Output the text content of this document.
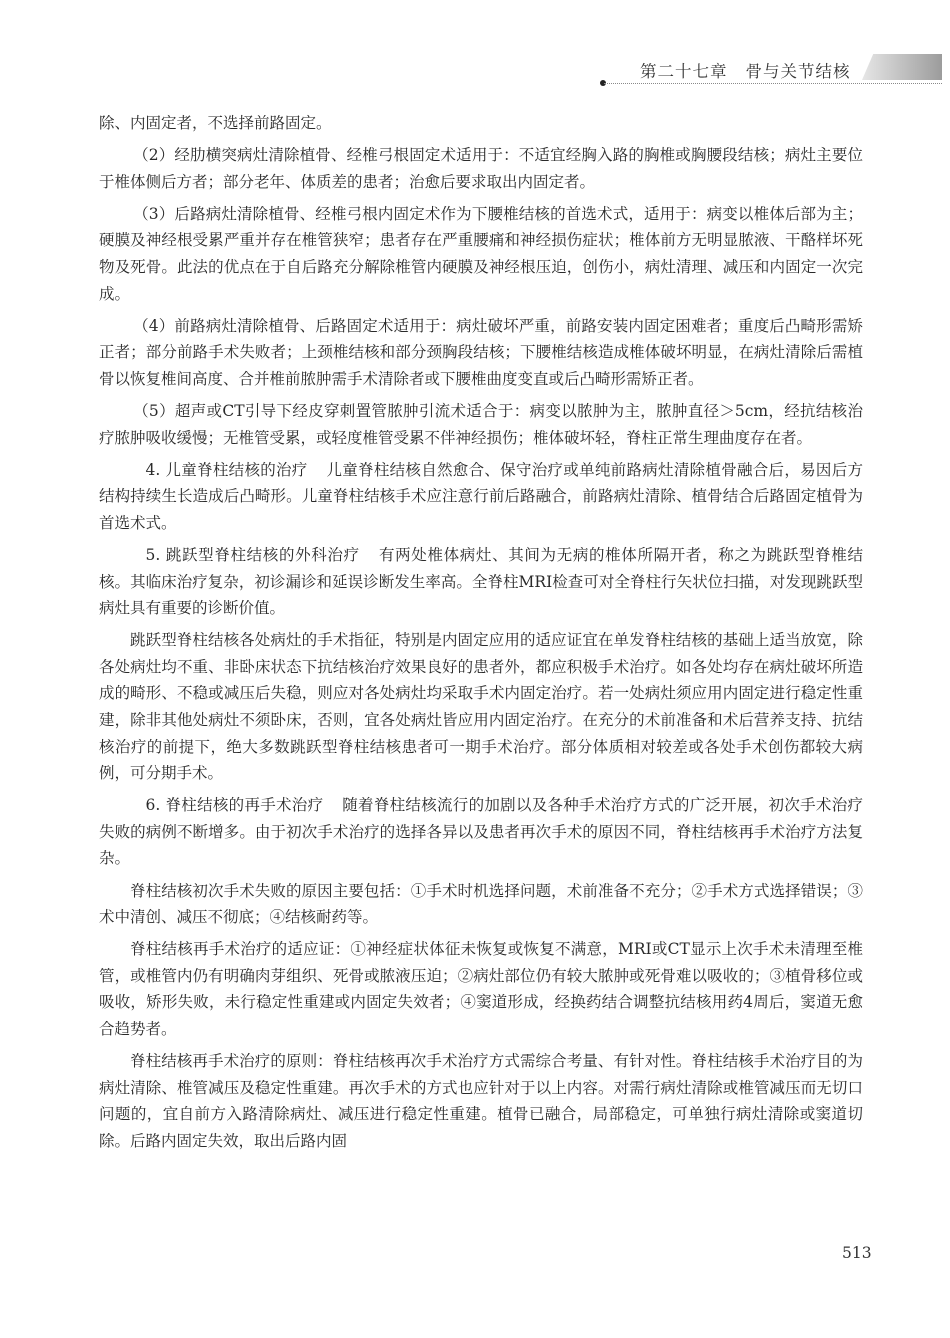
第二十七章 骨与关节结核

除、内固定者，不选择前路固定。

（2）经肋横突病灶清除植骨、经椎弓根固定术适用于：不适宜经胸入路的胸椎或胸腰段结核；病灶主要位于椎体侧后方者；部分老年、体质差的患者；治愈后要求取出内固定者。

（3）后路病灶清除植骨、经椎弓根内固定术作为下腰椎结核的首选术式，适用于：病变以椎体后部为主；硬膜及神经根受累严重并存在椎管狭窄；患者存在严重腰痛和神经损伤症状；椎体前方无明显脓液、干酪样坏死物及死骨。此法的优点在于自后路充分解除椎管内硬膜及神经根压迫，创伤小，病灶清理、减压和内固定一次完成。

（4）前路病灶清除植骨、后路固定术适用于：病灶破坏严重，前路安装内固定困难者；重度后凸畸形需矫正者；部分前路手术失败者；上颈椎结核和部分颈胸段结核；下腰椎结核造成椎体破坏明显，在病灶清除后需植骨以恢复椎间高度、合并椎前脓肿需手术清除者或下腰椎曲度变直或后凸畸形需矫正者。

（5）超声或CT引导下经皮穿刺置管脓肿引流术适合于：病变以脓肿为主，脓肿直径＞5cm，经抗结核治疗脓肿吸收缓慢；无椎管受累，或轻度椎管受累不伴神经损伤；椎体破坏轻，脊柱正常生理曲度存在者。

4. 儿童脊柱结核的治疗 儿童脊柱结核自然愈合、保守治疗或单纯前路病灶清除植骨融合后，易因后方结构持续生长造成后凸畸形。儿童脊柱结核手术应注意行前后路融合，前路病灶清除、植骨结合后路固定植骨为首选术式。

5. 跳跃型脊柱结核的外科治疗 有两处椎体病灶、其间为无病的椎体所隔开者，称之为跳跃型脊椎结核。其临床治疗复杂，初诊漏诊和延误诊断发生率高。全脊柱MRI检查可对全脊柱行矢状位扫描，对发现跳跃型病灶具有重要的诊断价值。

跳跃型脊柱结核各处病灶的手术指征，特别是内固定应用的适应证宜在单发脊柱结核的基础上适当放宽，除各处病灶均不重、非卧床状态下抗结核治疗效果良好的患者外，都应积极手术治疗。如各处均存在病灶破坏所造成的畸形、不稳或减压后失稳，则应对各处病灶均采取手术内固定治疗。若一处病灶须应用内固定进行稳定性重建，除非其他处病灶不须卧床，否则，宜各处病灶皆应用内固定治疗。在充分的术前准备和术后营养支持、抗结核治疗的前提下，绝大多数跳跃型脊柱结核患者可一期手术治疗。部分体质相对较差或各处手术创伤都较大病例，可分期手术。

6. 脊柱结核的再手术治疗 随着脊柱结核流行的加剧以及各种手术治疗方式的广泛开展，初次手术治疗失败的病例不断增多。由于初次手术治疗的选择各异以及患者再次手术的原因不同，脊柱结核再手术治疗方法复杂。

脊柱结核初次手术失败的原因主要包括：①手术时机选择问题，术前准备不充分；②手术方式选择错误；③术中清创、减压不彻底；④结核耐药等。

脊柱结核再手术治疗的适应证：①神经症状体征未恢复或恢复不满意，MRI或CT显示上次手术未清理至椎管，或椎管内仍有明确肉芽组织、死骨或脓液压迫；②病灶部位仍有较大脓肿或死骨难以吸收的；③植骨移位或吸收，矫形失败，未行稳定性重建或内固定失效者；④窦道形成，经换药结合调整抗结核用药4周后，窦道无愈合趋势者。

脊柱结核再手术治疗的原则：脊柱结核再次手术治疗方式需综合考量、有针对性。脊柱结核手术治疗目的为病灶清除、椎管减压及稳定性重建。再次手术的方式也应针对于以上内容。对需行病灶清除或椎管减压而无切口问题的，宜自前方入路清除病灶、减压进行稳定性重建。植骨已融合，局部稳定，可单独行病灶清除或窦道切除。后路内固定失效，取出后路内固

513
